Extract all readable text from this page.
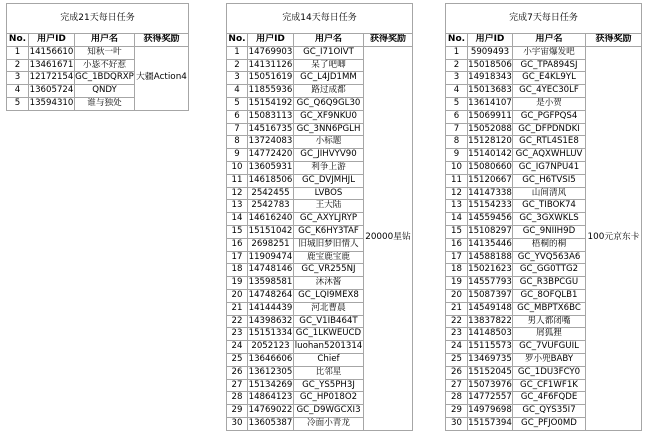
完成21天每日任务			
No.	用户ID	用户名	获得奖励
1	14156610	知秋一叶	大疆Action4
2	13461671	小毖不好惹	
3	12172154	GC_1BDQRXP	
4	13605724	QNDY	
5	13594310	谁与独处	
完成14天每日任务			
No.	用户ID	用户名	获得奖励
1	14769903	GC_I71OIVT	20000星钻
2	14131126	呆了吧唧	
3	15051619	GC_L4JD1MM	
4	11855936	路过成都	
5	15154192	GC_Q6Q9GL30	
6	15083113	GC_XF9NKU0	
7	14516735	GC_3NN6PGLH	
8	13724083	小标题	
9	14772420	GC_JIHVYV90	
10	13605931	利争上游	
11	14618506	GC_DVJMHJL	
12	2542455	LVBOS	
13	2542783	王大陆	
14	14616240	GC_AXYLJRYP	
15	15151042	GC_K6HY3TAF	
16	2698251	旧城旧梦旧情人	
17	11909474	鹿宝鹿宝鹿	
18	14748146	GC_VR255NJ	
19	13598581	沐沐酱	
20	14748264	GC_LQI9MEX8	
21	14144439	河北曹晨	
22	14398632	GC_V1IB464T	
23	15151334	GC_1LKWEUCD	
24	2052123	luohan5201314	
25	13646606	Chief	
26	13612305	比邻星	
27	15134269	GC_YS5PH3J	
28	14864123	GC_HP018O2	
29	14769022	GC_D9WGCXI3	
30	13605387	冷面小青龙	
完成7天每日任务			
No.	用户ID	用户名	获得奖励
1	5909493	小宇宙爆发吧	100元京东卡
2	15018506	GC_TPA894SJ	
3	14918343	GC_E4KL9YL	
4	15013683	GC_4YEC30LF	
5	13614107	是小贺	
6	15069911	GC_PGFPQS4	
7	15052088	GC_DFPDNDKI	
8	15128120	GC_RTL4S1E8	
9	15140142	GC_AQXWHLUV	
10	15080660	GC_IG7NPU41	
11	15120667	GC_H6TVSI5	
12	14147338	山间清风	
13	15154233	GC_TIBOK74	
14	14559456	GC_3GXWKLS	
15	15108297	GC_9NIIH9D	
16	14135446	梧桐的桐	
17	14588188	GC_YVQ563A6	
18	15021623	GC_GG0TTG2	
19	14557793	GC_R3BPCGU	
20	15087397	GC_8OFQLB1	
21	14549148	GC_MBPTX6BC	
22	13837822	男人都闭嘴	
23	14148503	屑狐狸	
24	15115573	GC_7VUFGUIL	
25	13469735	罗小兜BABY	
26	15152045	GC_1DU3FCY0	
27	15073976	GC_CF1WF1K	
28	14772557	GC_4F6FQDE	
29	14979698	GC_QYS35I7	
30	15157394	GC_PFJO0MD	
